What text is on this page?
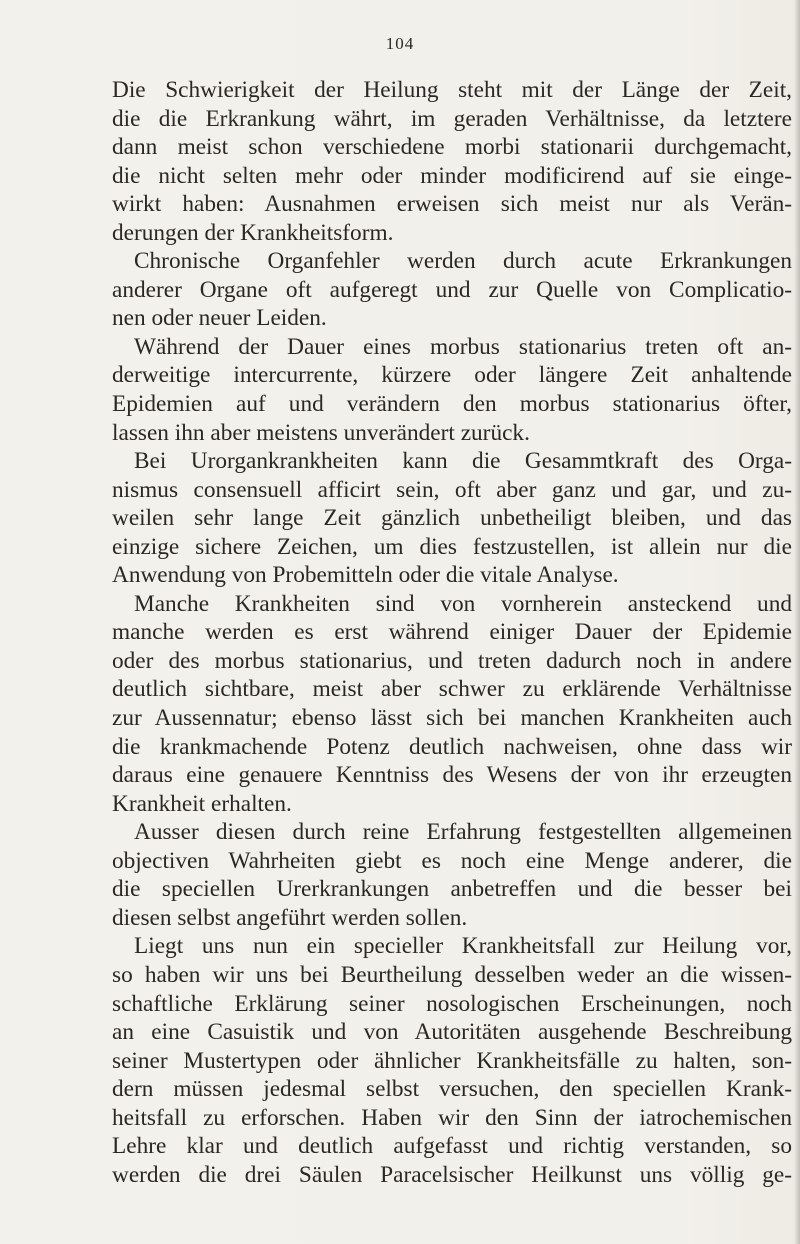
104
Die Schwierigkeit der Heilung steht mit der Länge der Zeit,
die die Erkrankung währt, im geraden Verhältnisse, da letztere
dann meist schon verschiedene morbi stationarii durchgemacht,
die nicht selten mehr oder minder modificirend auf sie einge-
wirkt haben: Ausnahmen erweisen sich meist nur als Verän-
derungen der Krankheitsform.
Chronische Organfehler werden durch acute Erkrankungen
anderer Organe oft aufgeregt und zur Quelle von Complicatio-
nen oder neuer Leiden.
Während der Dauer eines morbus stationarius treten oft an-
derweitige intercurrente, kürzere oder längere Zeit anhaltende
Epidemien auf und verändern den morbus stationarius öfter,
lassen ihn aber meistens unverändert zurück.
Bei Urorgankrankheiten kann die Gesammtkraft des Orga-
nismus consensuell afficirt sein, oft aber ganz und gar, und zu-
weilen sehr lange Zeit gänzlich unbetheiligt bleiben, und das
einzige sichere Zeichen, um dies festzustellen, ist allein nur die
Anwendung von Probemitteln oder die vitale Analyse.
Manche Krankheiten sind von vornherein ansteckend und
manche werden es erst während einiger Dauer der Epidemie
oder des morbus stationarius, und treten dadurch noch in andere
deutlich sichtbare, meist aber schwer zu erklärende Verhältnisse
zur Aussennatur; ebenso lässt sich bei manchen Krankheiten auch
die krankmachende Potenz deutlich nachweisen, ohne dass wir
daraus eine genauere Kenntniss des Wesens der von ihr erzeugten
Krankheit erhalten.
Ausser diesen durch reine Erfahrung festgestellten allgemeinen
objectiven Wahrheiten giebt es noch eine Menge anderer, die
die speciellen Urerkrankungen anbetreffen und die besser bei
diesen selbst angeführt werden sollen.
Liegt uns nun ein specieller Krankheitsfall zur Heilung vor,
so haben wir uns bei Beurtheilung desselben weder an die wissen-
schaftliche Erklärung seiner nosologischen Erscheinungen, noch
an eine Casuistik und von Autoritäten ausgehende Beschreibung
seiner Mustertypen oder ähnlicher Krankheitsfälle zu halten, son-
dern müssen jedesmal selbst versuchen, den speciellen Krank-
heitsfall zu erforschen. Haben wir den Sinn der iatrochemischen
Lehre klar und deutlich aufgefasst und richtig verstanden, so
werden die drei Säulen Paracelsischer Heilkunst uns völlig ge-
